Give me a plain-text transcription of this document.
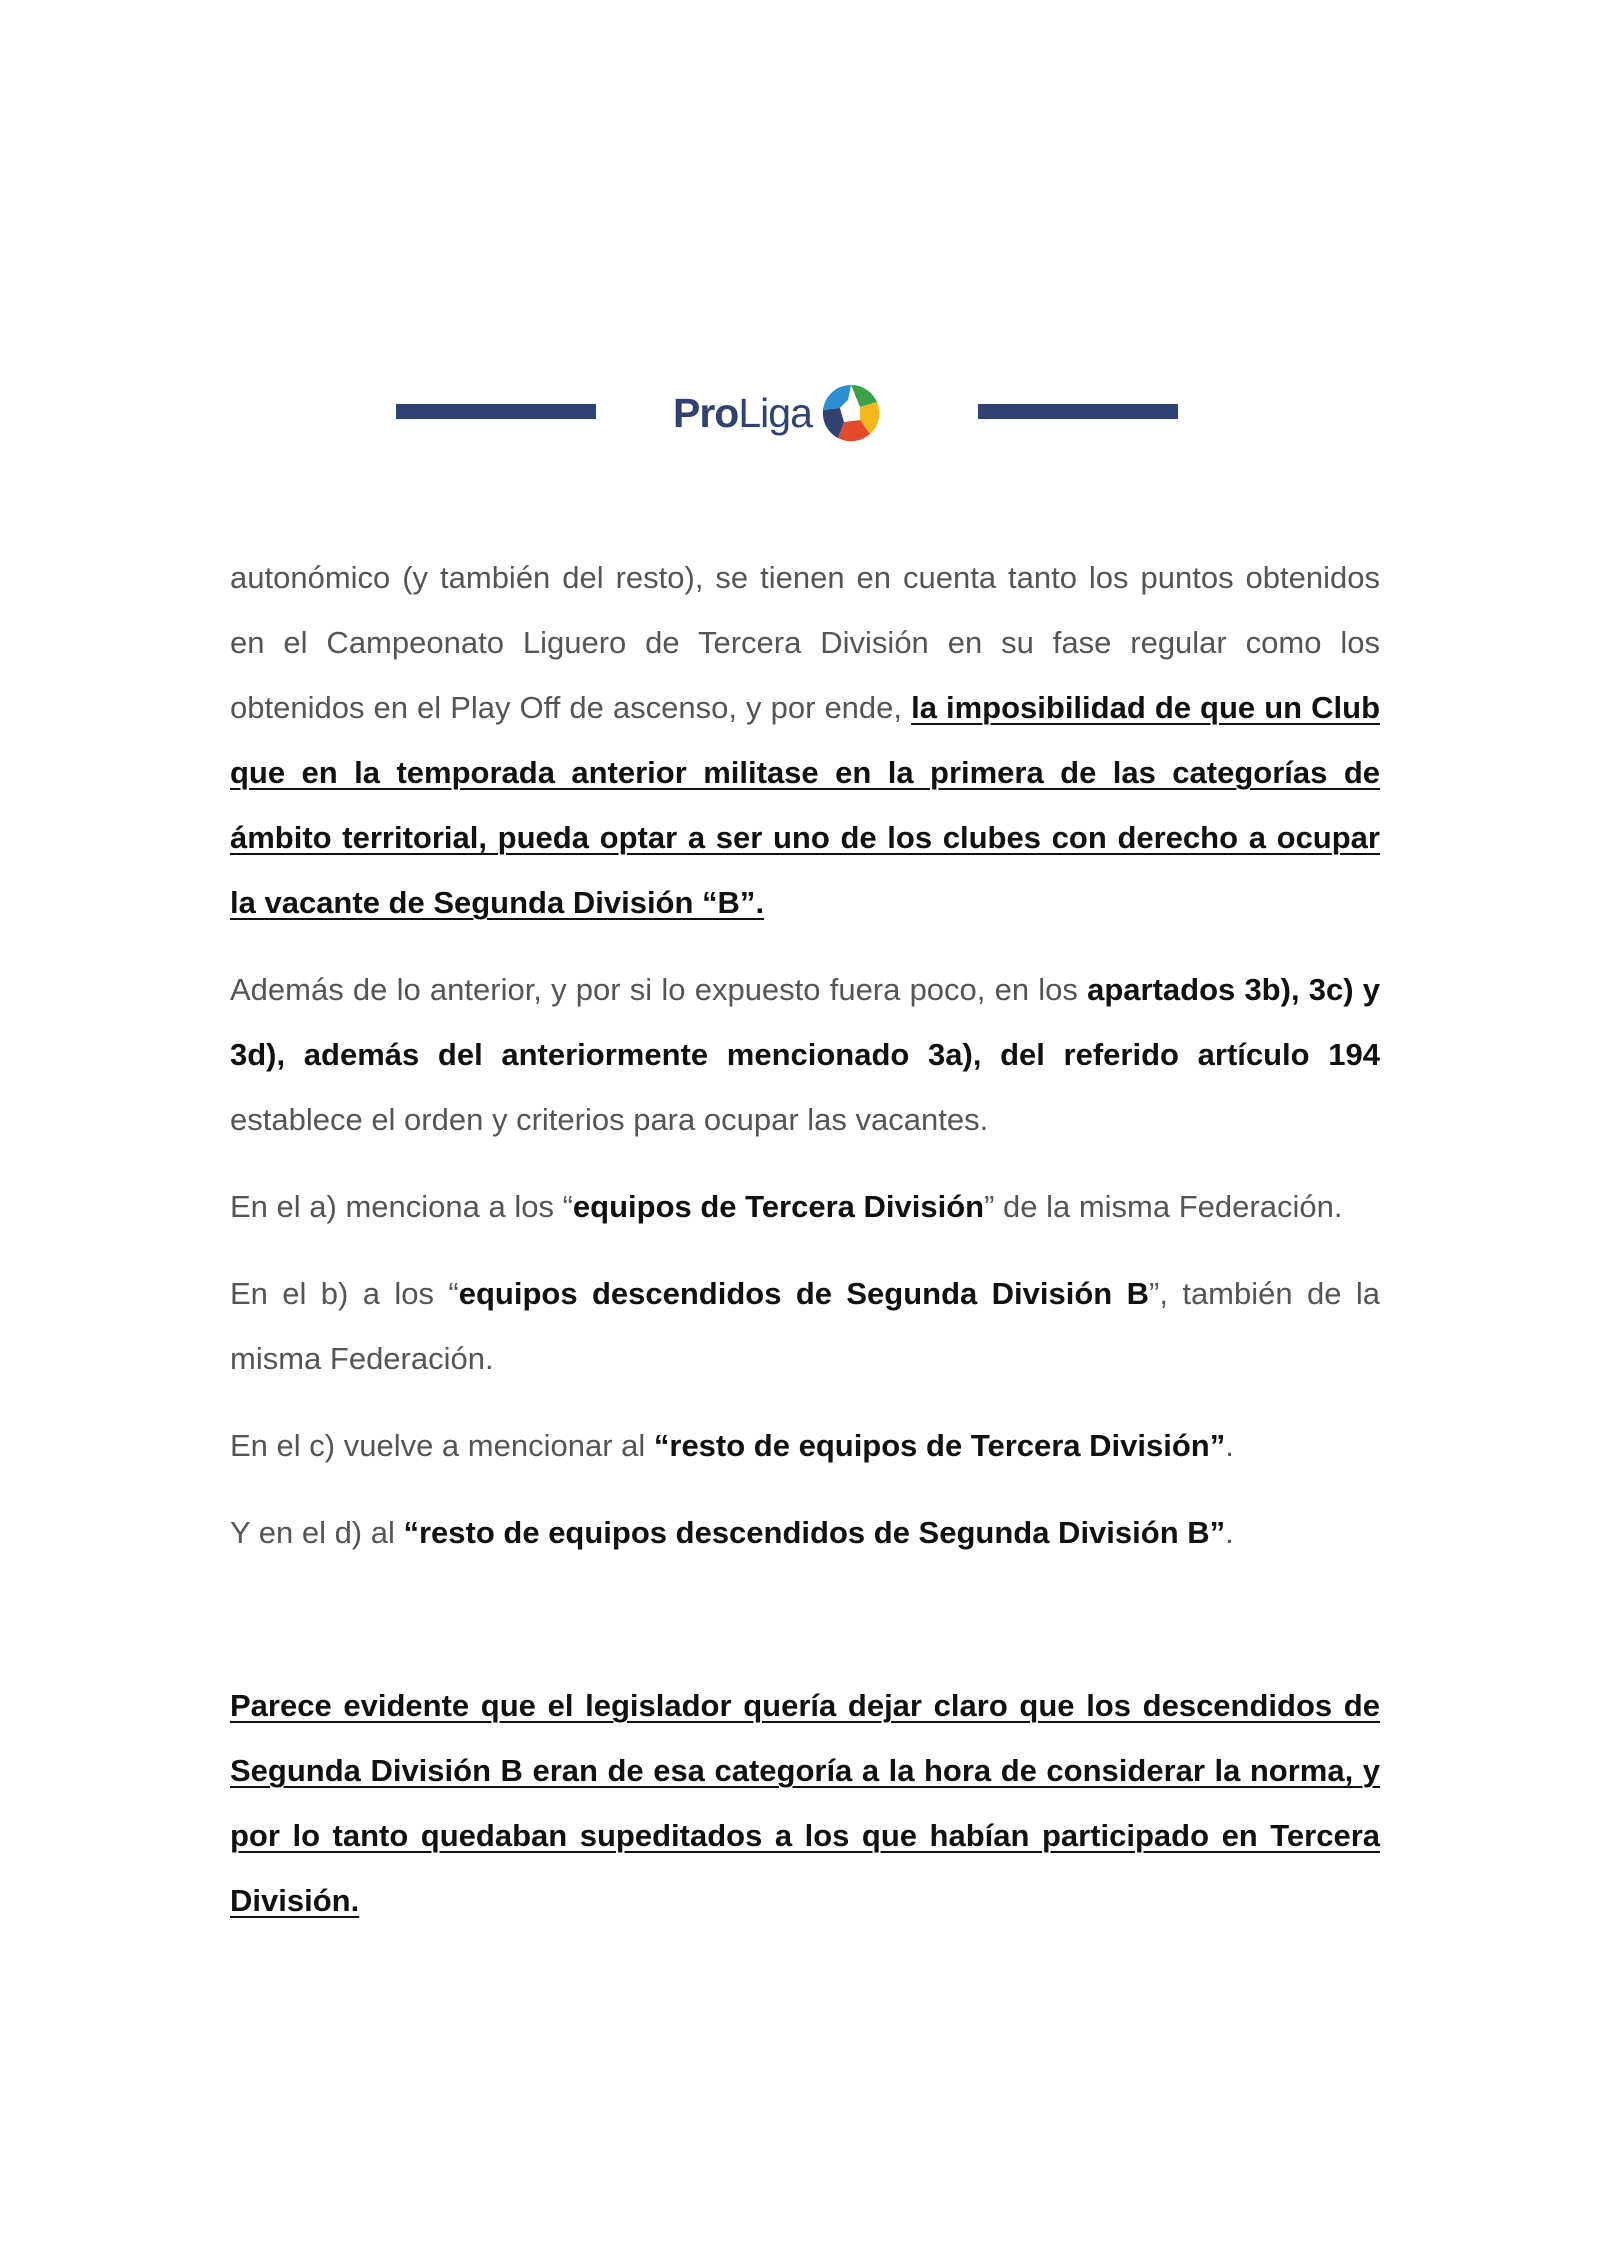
ProLiga

autonómico (y también del resto), se tienen en cuenta tanto los puntos obtenidos en el Campeonato Liguero de Tercera División en su fase regular como los obtenidos en el Play Off de ascenso, y por ende, la imposibilidad de que un Club que en la temporada anterior militase en la primera de las categorías de ámbito territorial, pueda optar a ser uno de los clubes con derecho a ocupar la vacante de Segunda División “B”.

Además de lo anterior, y por si lo expuesto fuera poco, en los apartados 3b), 3c) y 3d), además del anteriormente mencionado 3a), del referido artículo 194 establece el orden y criterios para ocupar las vacantes.

En el a) menciona a los “equipos de Tercera División” de la misma Federación.

En el b) a los “equipos descendidos de Segunda División B”, también de la misma Federación.

En el c) vuelve a mencionar al “resto de equipos de Tercera División”.

Y en el d) al “resto de equipos descendidos de Segunda División B”.

Parece evidente que el legislador quería dejar claro que los descendidos de Segunda División B eran de esa categoría a la hora de considerar la norma, y por lo tanto quedaban supeditados a los que habían participado en Tercera División.
